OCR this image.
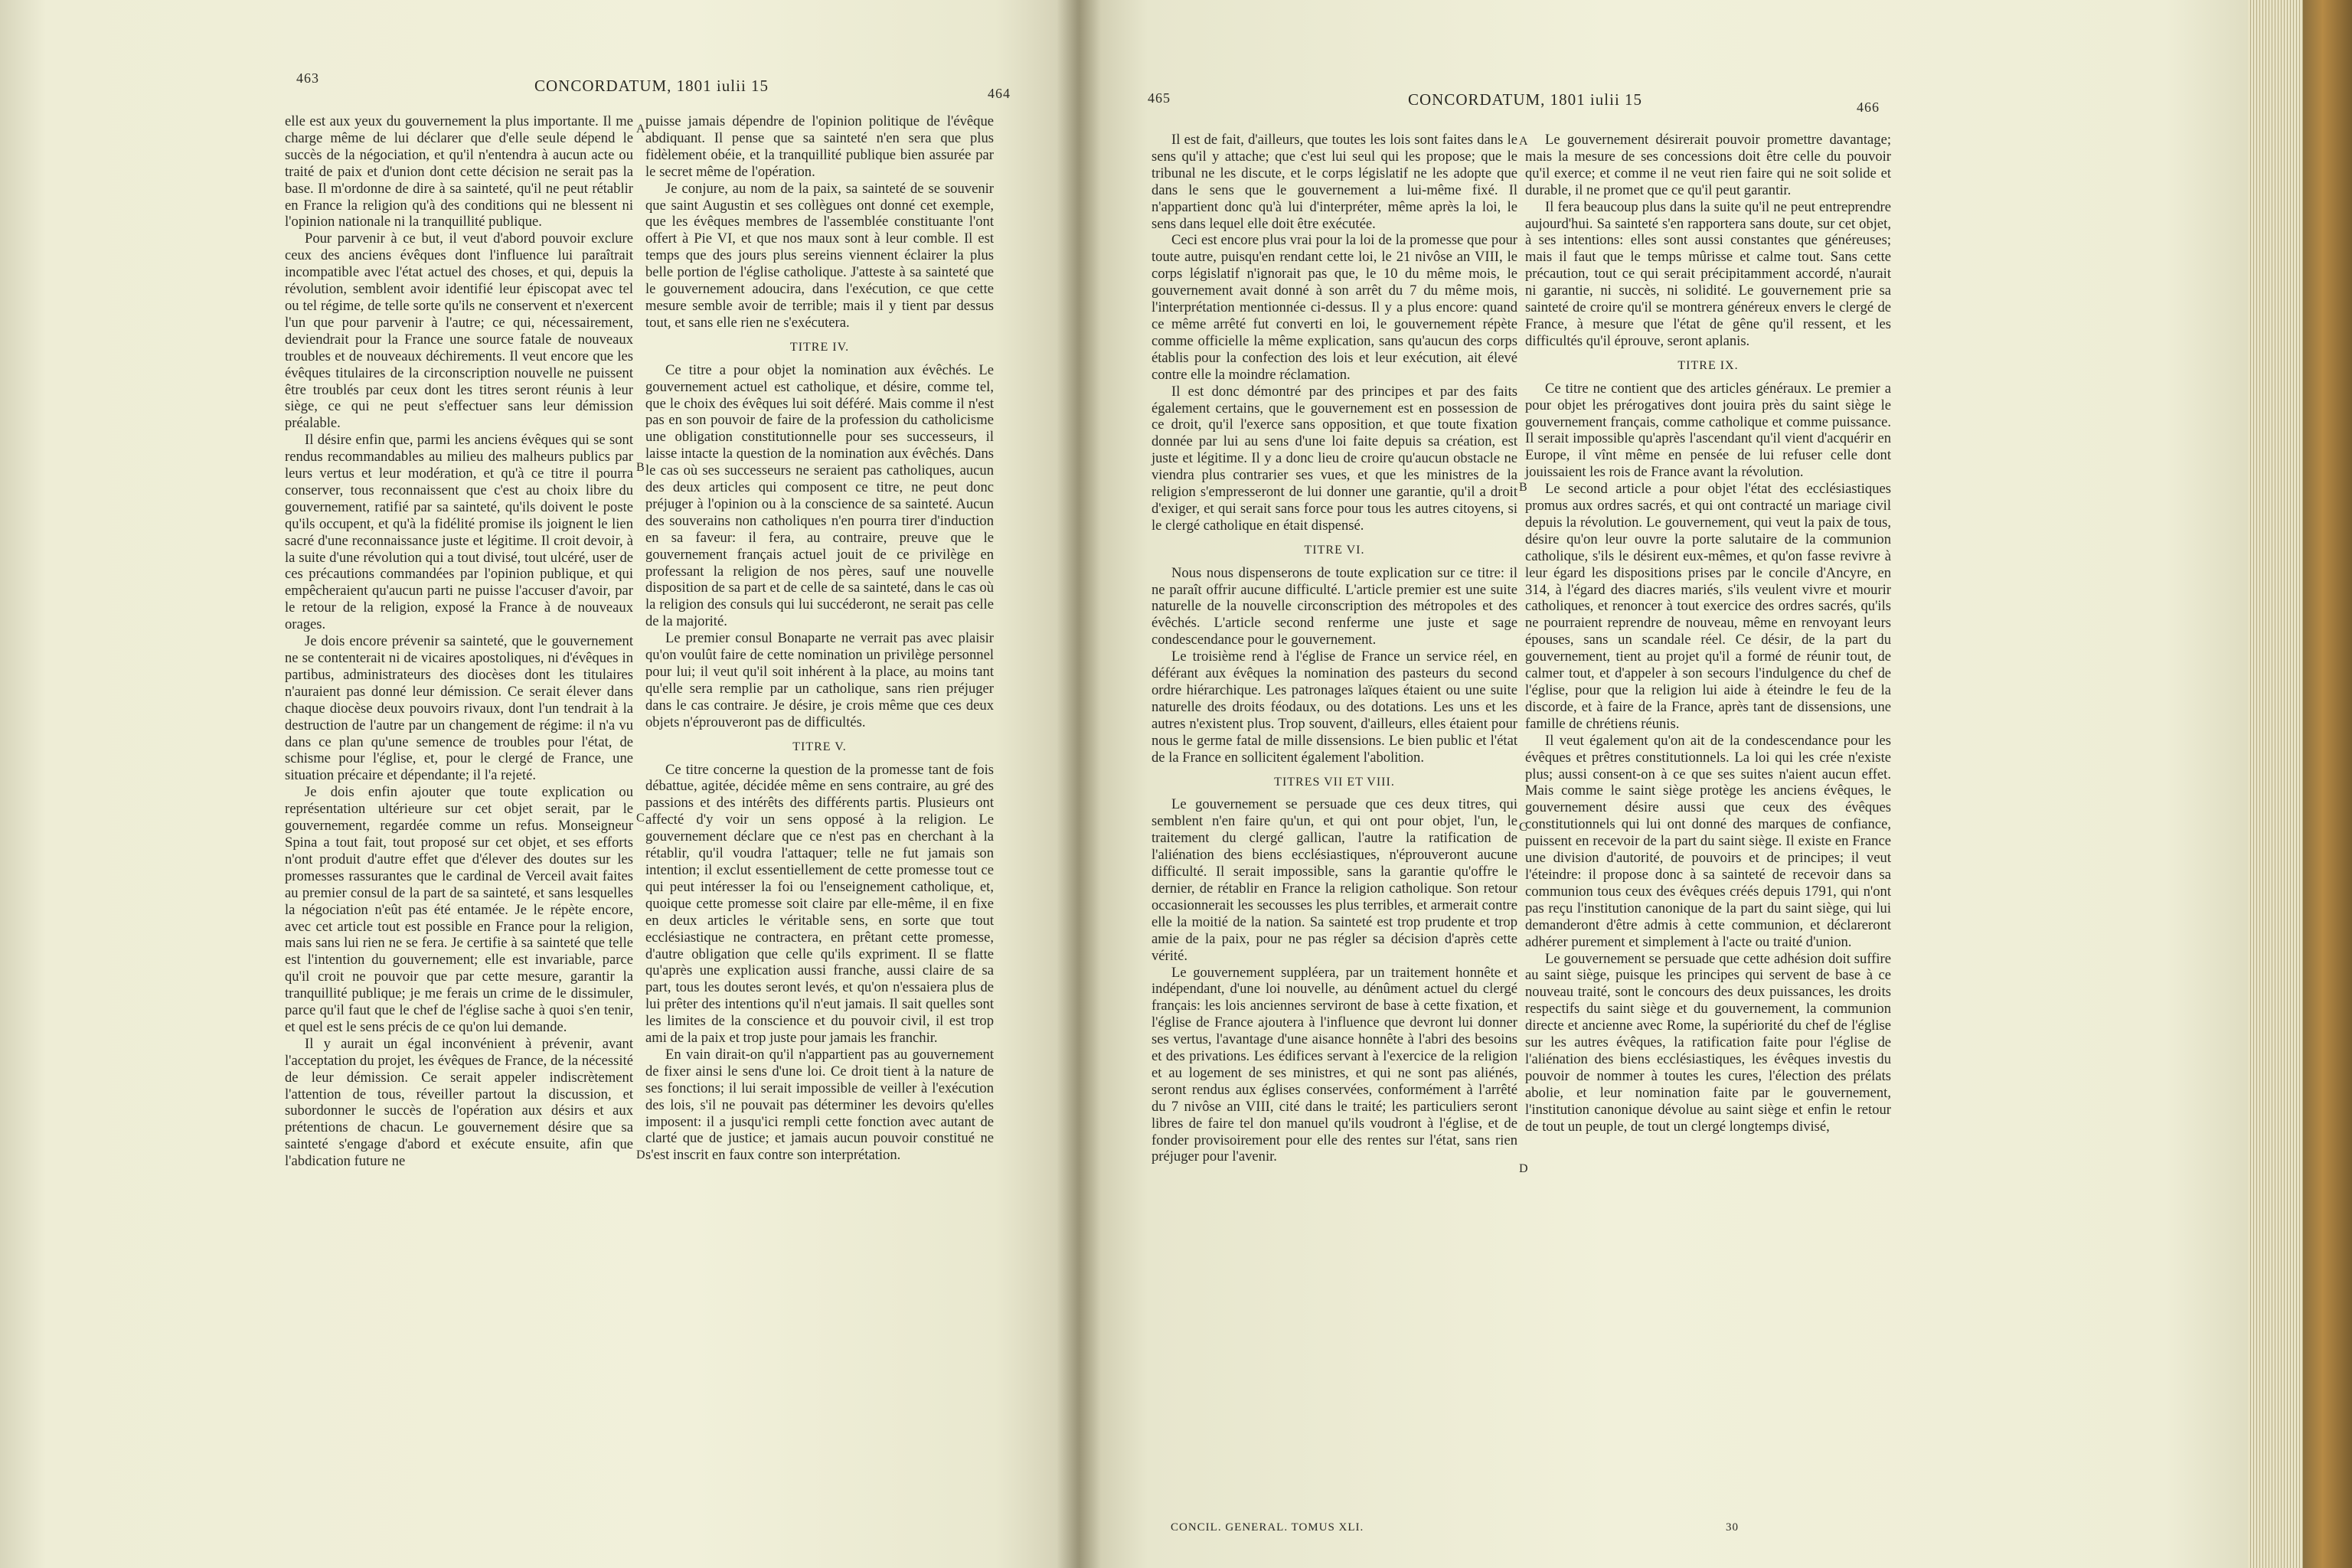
463	CONCORDATUM, 1801 iulii 15	464

elle est aux yeux du gouvernement la plus importante. Il me charge même de lui déclarer que d'elle seule dépend le succès de la négociation, et qu'il n'entendra à aucun acte ou traité de paix et d'union dont cette décision ne serait pas la base. Il m'ordonne de dire à sa sainteté, qu'il ne peut rétablir en France la religion qu'à des conditions qui ne blessent ni l'opinion nationale ni la tranquillité publique.

Pour parvenir à ce but, il veut d'abord pouvoir exclure ceux des anciens évêques dont l'influence lui paraîtrait incompatible avec l'état actuel des choses, et qui, depuis la révolution, semblent avoir identifié leur épiscopat avec tel ou tel régime, de telle sorte qu'ils ne conservent et n'exercent l'un que pour parvenir à l'autre; ce qui, nécessairement, deviendrait pour la France une source fatale de nouveaux troubles et de nouveaux déchirements. Il veut encore que les évêques titulaires de la circonscription nouvelle ne puissent être troublés par ceux dont les titres seront réunis à leur siège, ce qui ne peut s'effectuer sans leur démission préalable.

Il désire enfin que, parmi les anciens évêques qui se sont rendus recommandables au milieu des malheurs publics par leurs vertus et leur modération, et qu'à ce titre il pourra conserver, tous reconnaissent que c'est au choix libre du gouvernement, ratifié par sa sainteté, qu'ils doivent le poste qu'ils occupent, et qu'à la fidélité promise ils joignent le lien sacré d'une reconnaissance juste et légitime. Il croit devoir, à la suite d'une révolution qui a tout divisé, tout ulcéré, user de ces précautions commandées par l'opinion publique, et qui empêcheraient qu'aucun parti ne puisse l'accuser d'avoir, par le retour de la religion, exposé la France à de nouveaux orages.

Je dois encore prévenir sa sainteté, que le gouvernement ne se contenterait ni de vicaires apostoliques, ni d'évêques in partibus, administrateurs des diocèses dont les titulaires n'auraient pas donné leur démission. Ce serait élever dans chaque diocèse deux pouvoirs rivaux, dont l'un tendrait à la destruction de l'autre par un changement de régime: il n'a vu dans ce plan qu'une semence de troubles pour l'état, de schisme pour l'église, et, pour le clergé de France, une situation précaire et dépendante; il l'a rejeté.

Je dois enfin ajouter que toute explication ou représentation ultérieure sur cet objet serait, par le gouvernement, regardée comme un refus. Monseigneur Spina a tout fait, tout proposé sur cet objet, et ses efforts n'ont produit d'autre effet que d'élever des doutes sur les promesses rassurantes que le cardinal de Verceil avait faites au premier consul de la part de sa sainteté, et sans lesquelles la négociation n'eût pas été entamée. Je le répète encore, avec cet article tout est possible en France pour la religion, mais sans lui rien ne se fera. Je certifie à sa sainteté que telle est l'intention du gouvernement; elle est invariable, parce qu'il croit ne pouvoir que par cette mesure, garantir la tranquillité publique; je me ferais un crime de le dissimuler, parce qu'il faut que le chef de l'église sache à quoi s'en tenir, et quel est le sens précis de ce qu'on lui demande.

Il y aurait un égal inconvénient à prévenir, avant l'acceptation du projet, les évêques de France, de la nécessité de leur démission. Ce serait appeler indiscrètement l'attention de tous, réveiller partout la discussion, et subordonner le succès de l'opération aux désirs et aux prétentions de chacun. Le gouvernement désire que sa sainteté s'engage d'abord et exécute ensuite, afin que l'abdication future ne

puisse jamais dépendre de l'opinion politique de l'évêque abdiquant. Il pense que sa sainteté n'en sera que plus fidèlement obéie, et la tranquillité publique bien assurée par le secret même de l'opération.

Je conjure, au nom de la paix, sa sainteté de se souvenir que saint Augustin et ses collègues ont donné cet exemple, que les évêques membres de l'assemblée constituante l'ont offert à Pie VI, et que nos maux sont à leur comble. Il est temps que des jours plus sereins viennent éclairer la plus belle portion de l'église catholique. J'atteste à sa sainteté que le gouvernement adoucira, dans l'exécution, ce que cette mesure semble avoir de terrible; mais il y tient par dessus tout, et sans elle rien ne s'exécutera.

TITRE IV.

Ce titre a pour objet la nomination aux évêchés. Le gouvernement actuel est catholique, et désire, comme tel, que le choix des évêques lui soit déféré. Mais comme il n'est pas en son pouvoir de faire de la profession du catholicisme une obligation constitutionnelle pour ses successeurs, il laisse intacte la question de la nomination aux évêchés. Dans le cas où ses successeurs ne seraient pas catholiques, aucun des deux articles qui composent ce titre, ne peut donc préjuger à l'opinion ou à la conscience de sa sainteté. Aucun des souverains non catholiques n'en pourra tirer d'induction en sa faveur: il fera, au contraire, preuve que le gouvernement français actuel jouit de ce privilège en professant la religion de nos pères, sauf une nouvelle disposition de sa part et de celle de sa sainteté, dans le cas où la religion des consuls qui lui succéderont, ne serait pas celle de la majorité.

Le premier consul Bonaparte ne verrait pas avec plaisir qu'on voulût faire de cette nomination un privilège personnel pour lui; il veut qu'il soit inhérent à la place, au moins tant qu'elle sera remplie par un catholique, sans rien préjuger dans le cas contraire. Je désire, je crois même que ces deux objets n'éprouveront pas de difficultés.

TITRE V.

Ce titre concerne la question de la promesse tant de fois débattue, agitée, décidée même en sens contraire, au gré des passions et des intérêts des différents partis. Plusieurs ont affecté d'y voir un sens opposé à la religion. Le gouvernement déclare que ce n'est pas en cherchant à la rétablir, qu'il voudra l'attaquer; telle ne fut jamais son intention; il exclut essentiellement de cette promesse tout ce qui peut intéresser la foi ou l'enseignement catholique, et, quoique cette promesse soit claire par elle-même, il en fixe en deux articles le véritable sens, en sorte que tout ecclésiastique ne contractera, en prêtant cette promesse, d'autre obligation que celle qu'ils expriment. Il se flatte qu'après une explication aussi franche, aussi claire de sa part, tous les doutes seront levés, et qu'on n'essaiera plus de lui prêter des intentions qu'il n'eut jamais. Il sait quelles sont les limites de la conscience et du pouvoir civil, il est trop ami de la paix et trop juste pour jamais les franchir.

En vain dirait-on qu'il n'appartient pas au gouvernement de fixer ainsi le sens d'une loi. Ce droit tient à la nature de ses fonctions; il lui serait impossible de veiller à l'exécution des lois, s'il ne pouvait pas déterminer les devoirs qu'elles imposent: il a jusqu'ici rempli cette fonction avec autant de clarté que de justice; et jamais aucun pouvoir constitué ne s'est inscrit en faux contre son interprétation.

A
B
C
D
465	CONCORDATUM, 1801 iulii 15	466

Il est de fait, d'ailleurs, que toutes les lois sont faites dans le sens qu'il y attache; que c'est lui seul qui les propose; que le tribunal ne les discute, et le corps législatif ne les adopte que dans le sens que le gouvernement a lui-même fixé. Il n'appartient donc qu'à lui d'interpréter, même après la loi, le sens dans lequel elle doit être exécutée.

Ceci est encore plus vrai pour la loi de la promesse que pour toute autre, puisqu'en rendant cette loi, le 21 nivôse an VIII, le corps législatif n'ignorait pas que, le 10 du même mois, le gouvernement avait donné à son arrêt du 7 du même mois, l'interprétation mentionnée ci-dessus. Il y a plus encore: quand ce même arrêté fut converti en loi, le gouvernement répète comme officielle la même explication, sans qu'aucun des corps établis pour la confection des lois et leur exécution, ait élevé contre elle la moindre réclamation.

Il est donc démontré par des principes et par des faits également certains, que le gouvernement est en possession de ce droit, qu'il l'exerce sans opposition, et que toute fixation donnée par lui au sens d'une loi faite depuis sa création, est juste et légitime. Il y a donc lieu de croire qu'aucun obstacle ne viendra plus contrarier ses vues, et que les ministres de la religion s'empresseront de lui donner une garantie, qu'il a droit d'exiger, et qui serait sans force pour tous les autres citoyens, si le clergé catholique en était dispensé.

TITRE VI.

Nous nous dispenserons de toute explication sur ce titre: il ne paraît offrir aucune difficulté. L'article premier est une suite naturelle de la nouvelle circonscription des métropoles et des évêchés. L'article second renferme une juste et sage condescendance pour le gouvernement.

Le troisième rend à l'église de France un service réel, en déférant aux évêques la nomination des pasteurs du second ordre hiérarchique. Les patronages laïques étaient ou une suite naturelle des droits féodaux, ou des dotations. Les uns et les autres n'existent plus. Trop souvent, d'ailleurs, elles étaient pour nous le germe fatal de mille dissensions. Le bien public et l'état de la France en sollicitent également l'abolition.

TITRES VII ET VIII.

Le gouvernement se persuade que ces deux titres, qui semblent n'en faire qu'un, et qui ont pour objet, l'un, le traitement du clergé gallican, l'autre la ratification de l'aliénation des biens ecclésiastiques, n'éprouveront aucune difficulté. Il serait impossible, sans la garantie qu'offre le dernier, de rétablir en France la religion catholique. Son retour occasionnerait les secousses les plus terribles, et armerait contre elle la moitié de la nation. Sa sainteté est trop prudente et trop amie de la paix, pour ne pas régler sa décision d'après cette vérité.

Le gouvernement suppléera, par un traitement honnête et indépendant, d'une loi nouvelle, au dénûment actuel du clergé français: les lois anciennes serviront de base à cette fixation, et l'église de France ajoutera à l'influence que devront lui donner ses vertus, l'avantage d'une aisance honnête à l'abri des besoins et des privations. Les édifices servant à l'exercice de la religion et au logement de ses ministres, et qui ne sont pas aliénés, seront rendus aux églises conservées, conformément à l'arrêté du 7 nivôse an VIII, cité dans le traité; les particuliers seront libres de faire tel don manuel qu'ils voudront à l'église, et de fonder provisoirement pour elle des rentes sur l'état, sans rien préjuger pour l'avenir.

Le gouvernement désirerait pouvoir promettre davantage; mais la mesure de ses concessions doit être celle du pouvoir qu'il exerce; et comme il ne veut rien faire qui ne soit solide et durable, il ne promet que ce qu'il peut garantir.

Il fera beaucoup plus dans la suite qu'il ne peut entreprendre aujourd'hui. Sa sainteté s'en rapportera sans doute, sur cet objet, à ses intentions: elles sont aussi constantes que généreuses; mais il faut que le temps mûrisse et calme tout. Sans cette précaution, tout ce qui serait précipitamment accordé, n'aurait ni garantie, ni succès, ni solidité. Le gouvernement prie sa sainteté de croire qu'il se montrera généreux envers le clergé de France, à mesure que l'état de gêne qu'il ressent, et les difficultés qu'il éprouve, seront aplanis.

TITRE IX.

Ce titre ne contient que des articles généraux. Le premier a pour objet les prérogatives dont jouira près du saint siège le gouvernement français, comme catholique et comme puissance. Il serait impossible qu'après l'ascendant qu'il vient d'acquérir en Europe, il vînt même en pensée de lui refuser celle dont jouissaient les rois de France avant la révolution.

Le second article a pour objet l'état des ecclésiastiques promus aux ordres sacrés, et qui ont contracté un mariage civil depuis la révolution. Le gouvernement, qui veut la paix de tous, désire qu'on leur ouvre la porte salutaire de la communion catholique, s'ils le désirent eux-mêmes, et qu'on fasse revivre à leur égard les dispositions prises par le concile d'Ancyre, en 314, à l'égard des diacres mariés, s'ils veulent vivre et mourir catholiques, et renoncer à tout exercice des ordres sacrés, qu'ils ne pourraient reprendre de nouveau, même en renvoyant leurs épouses, sans un scandale réel. Ce désir, de la part du gouvernement, tient au projet qu'il a formé de réunir tout, de calmer tout, et d'appeler à son secours l'indulgence du chef de l'église, pour que la religion lui aide à éteindre le feu de la discorde, et à faire de la France, après tant de dissensions, une famille de chrétiens réunis.

Il veut également qu'on ait de la condescendance pour les évêques et prêtres constitutionnels. La loi qui les crée n'existe plus; aussi consent-on à ce que ses suites n'aient aucun effet. Mais comme le saint siège protège les anciens évêques, le gouvernement désire aussi que ceux des évêques constitutionnels qui lui ont donné des marques de confiance, puissent en recevoir de la part du saint siège. Il existe en France une division d'autorité, de pouvoirs et de principes; il veut l'éteindre: il propose donc à sa sainteté de recevoir dans sa communion tous ceux des évêques créés depuis 1791, qui n'ont pas reçu l'institution canonique de la part du saint siège, qui lui demanderont d'être admis à cette communion, et déclareront adhérer purement et simplement à l'acte ou traité d'union.

Le gouvernement se persuade que cette adhésion doit suffire au saint siège, puisque les principes qui servent de base à ce nouveau traité, sont le concours des deux puissances, les droits respectifs du saint siège et du gouvernement, la communion directe et ancienne avec Rome, la supériorité du chef de l'église sur les autres évêques, la ratification faite pour l'église de l'aliénation des biens ecclésiastiques, les évêques investis du pouvoir de nommer à toutes les cures, l'élection des prélats abolie, et leur nomination faite par le gouvernement, l'institution canonique dévolue au saint siège et enfin le retour de tout un peuple, de tout un clergé longtemps divisé,

A
B
C
D
CONCIL. GENERAL. TOMUS XLI.	30
